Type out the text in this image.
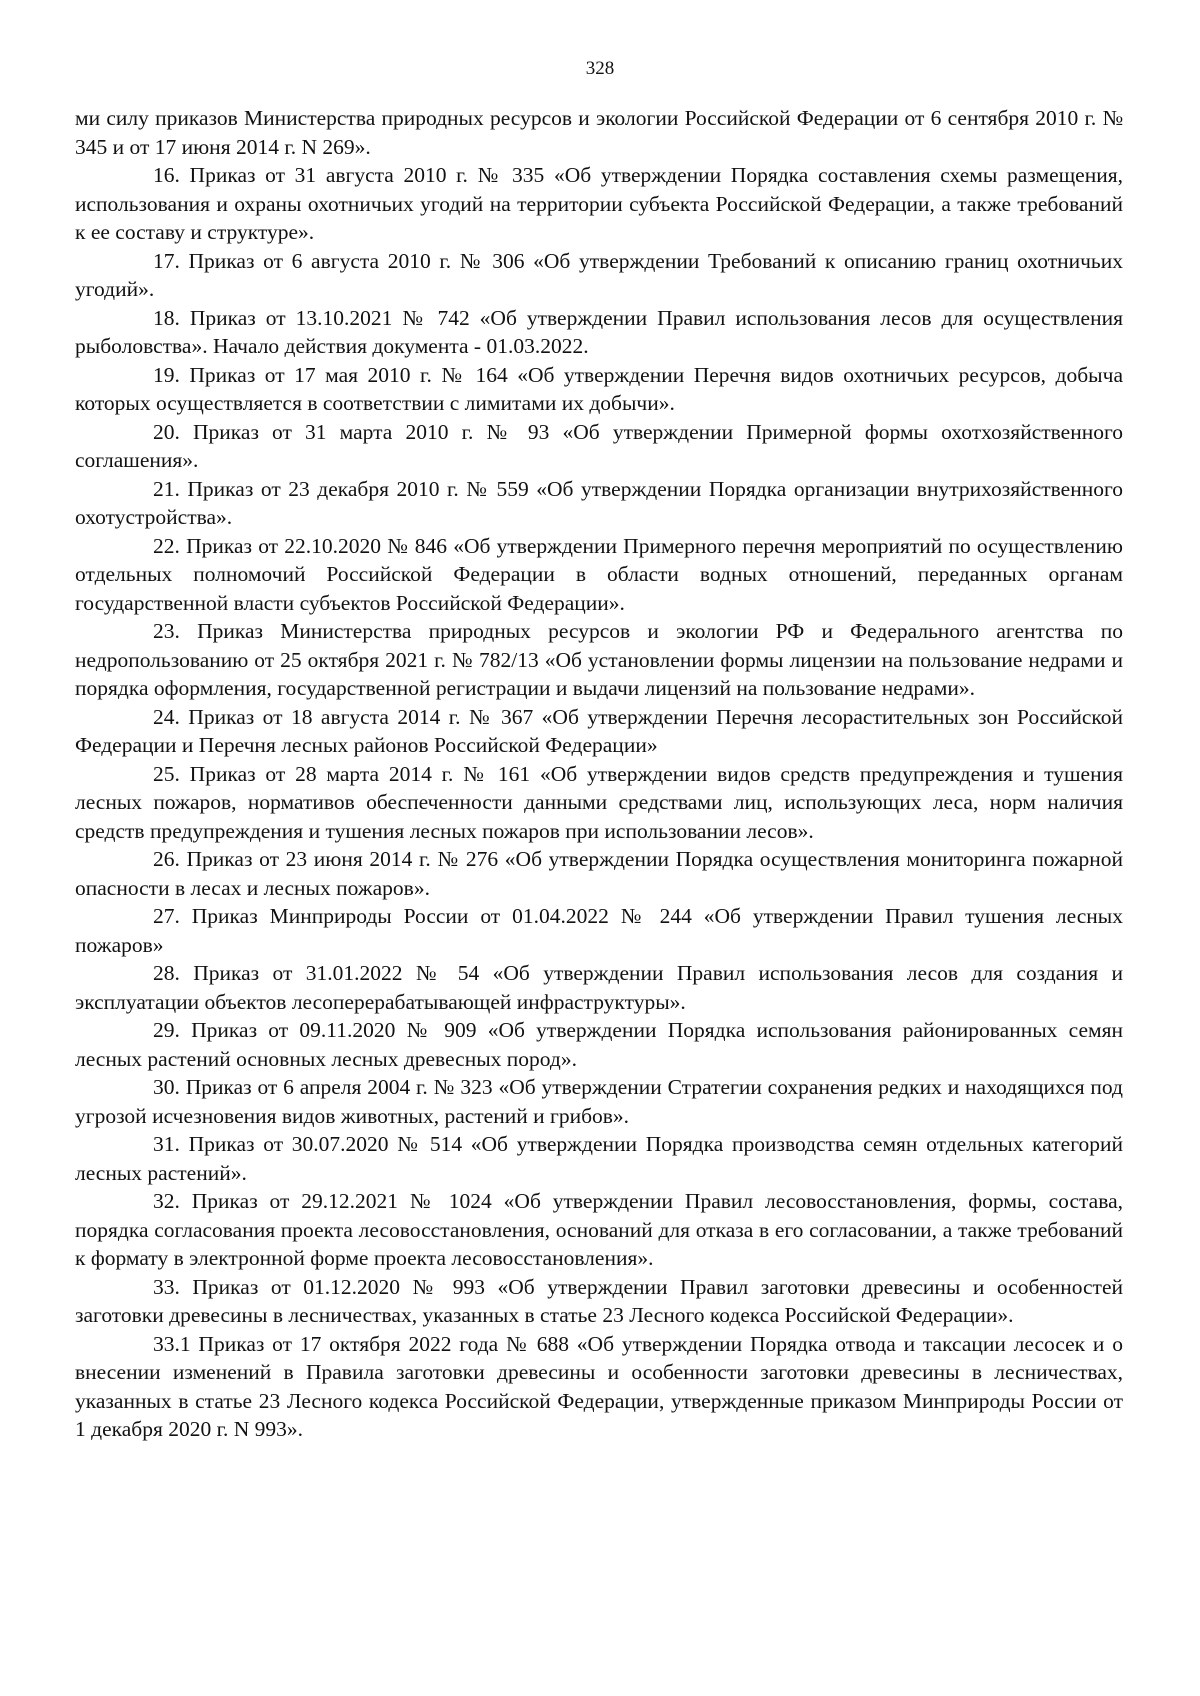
328

ми силу приказов Министерства природных ресурсов и экологии Российской Федерации от 6 сентября 2010 г. № 345 и от 17 июня 2014 г. N 269».

16. Приказ от 31 августа 2010 г. № 335 «Об утверждении Порядка составления схемы размещения, использования и охраны охотничьих угодий на территории субъекта Российской Федерации, а также требований к ее составу и структуре».

17. Приказ от 6 августа 2010 г. № 306 «Об утверждении Требований к описанию границ охотничьих угодий».

18. Приказ от 13.10.2021 № 742 «Об утверждении Правил использования лесов для осуществления рыболовства». Начало действия документа - 01.03.2022.

19. Приказ от 17 мая 2010 г. № 164 «Об утверждении Перечня видов охотничьих ресурсов, добыча которых осуществляется в соответствии с лимитами их добычи».

20. Приказ от 31 марта 2010 г. № 93 «Об утверждении Примерной формы охотхозяйственного соглашения».

21. Приказ от 23 декабря 2010 г. № 559 «Об утверждении Порядка организации внутрихозяйственного охотустройства».

22. Приказ от 22.10.2020 № 846 «Об утверждении Примерного перечня мероприятий по осуществлению отдельных полномочий Российской Федерации в области водных отношений, переданных органам государственной власти субъектов Российской Федерации».

23. Приказ Министерства природных ресурсов и экологии РФ и Федерального агентства по недропользованию от 25 октября 2021 г. № 782/13 «Об установлении формы лицензии на пользование недрами и порядка оформления, государственной регистрации и выдачи лицензий на пользование недрами».

24. Приказ от 18 августа 2014 г. № 367 «Об утверждении Перечня лесорастительных зон Российской Федерации и Перечня лесных районов Российской Федерации»

25. Приказ от 28 марта 2014 г. № 161 «Об утверждении видов средств предупреждения и тушения лесных пожаров, нормативов обеспеченности данными средствами лиц, использующих леса, норм наличия средств предупреждения и тушения лесных пожаров при использовании лесов».

26. Приказ от 23 июня 2014 г. № 276 «Об утверждении Порядка осуществления мониторинга пожарной опасности в лесах и лесных пожаров».

27. Приказ Минприроды России от 01.04.2022 № 244 «Об утверждении Правил тушения лесных пожаров»

28. Приказ от 31.01.2022 № 54 «Об утверждении Правил использования лесов для создания и эксплуатации объектов лесоперерабатывающей инфраструктуры».

29. Приказ от 09.11.2020 № 909 «Об утверждении Порядка использования районированных семян лесных растений основных лесных древесных пород».

30. Приказ от 6 апреля 2004 г. № 323 «Об утверждении Стратегии сохранения редких и находящихся под угрозой исчезновения видов животных, растений и грибов».

31. Приказ от 30.07.2020 № 514 «Об утверждении Порядка производства семян отдельных категорий лесных растений».

32. Приказ от 29.12.2021 № 1024 «Об утверждении Правил лесовосстановления, формы, состава, порядка согласования проекта лесовосстановления, оснований для отказа в его согласовании, а также требований к формату в электронной форме проекта лесовосстановления».

33. Приказ от 01.12.2020 № 993 «Об утверждении Правил заготовки древесины и особенностей заготовки древесины в лесничествах, указанных в статье 23 Лесного кодекса Российской Федерации».

33.1 Приказ от 17 октября 2022 года № 688 «Об утверждении Порядка отвода и таксации лесосек и о внесении изменений в Правила заготовки древесины и особенности заготовки древесины в лесничествах, указанных в статье 23 Лесного кодекса Российской Федерации, утвержденные приказом Минприроды России от 1 декабря 2020 г. N 993».
